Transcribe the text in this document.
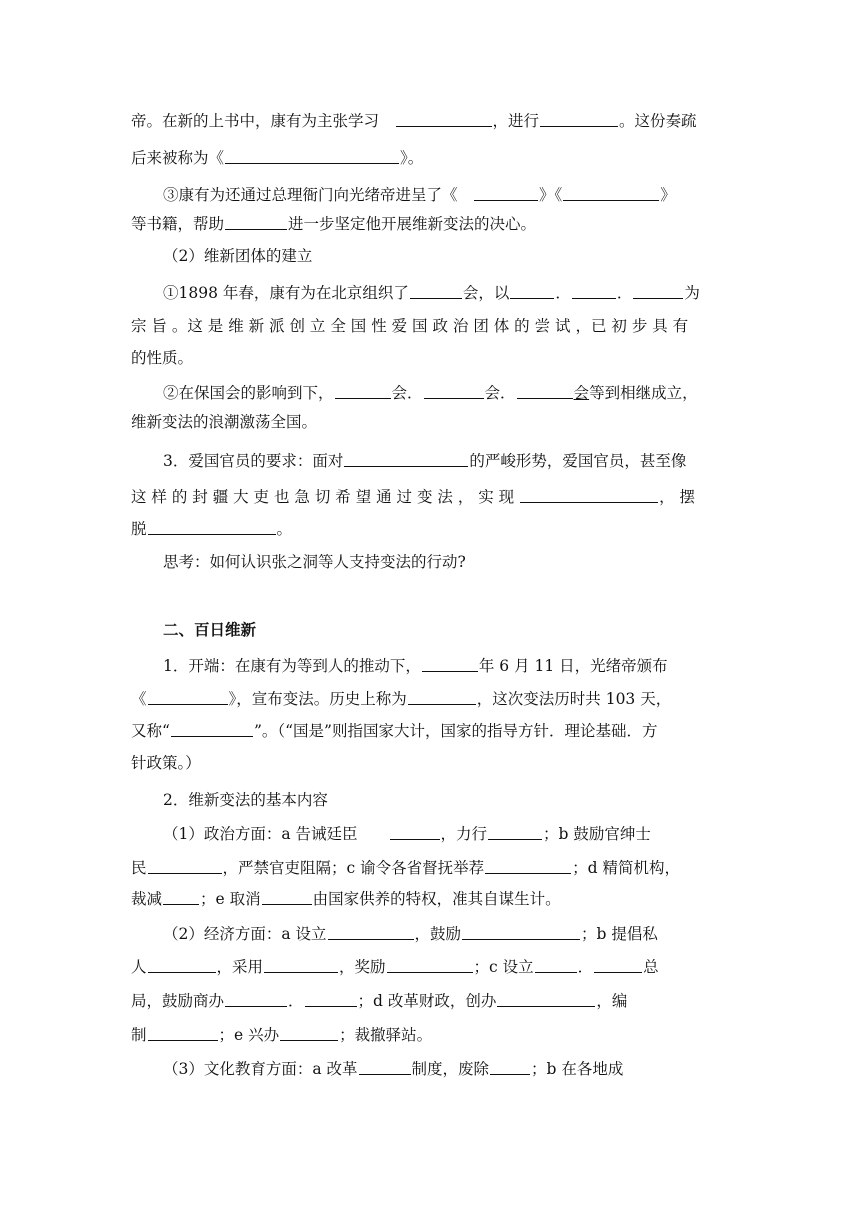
帝。在新的上书中，康有为主张学习　	，进行	。这份奏疏
后来被称为《	》。
③康有为还通过总理衙门向光绪帝进呈了《　	》《	》
等书籍，帮助	进一步坚定他开展维新变法的决心。
（2）维新团体的建立
①1898 年春，康有为在北京组织了	会，以	．	．	为
宗 旨 。这 是 维 新 派 创 立 全 国 性 爱 国 政 治 团 体 的 尝 试 ，已 初 步 具 有
的性质。
②在保国会的影响到下，	会．	会．	会等到相继成立，
维新变法的浪潮激荡全国。
3．爱国官员的要求：面对	的严峻形势，爱国官员，甚至像
这 样 的 封 疆 大 吏 也 急 切 希 望 通 过 变 法 ， 实 现	， 摆
脱	。
思考：如何认识张之洞等人支持变法的行动?
二、百日维新
1．开端：在康有为等到人的推动下，	年 6 月 11 日，光绪帝颁布
《	》，宣布变法。历史上称为	，这次变法历时共 103 天，
又称“	”。（“国是”则指国家大计，国家的指导方针．理论基础．方
针政策。）
2．维新变法的基本内容
（1）政治方面：a 告诫廷臣　　	，力行	；b 鼓励官绅士
民	，严禁官吏阻隔；c 谕令各省督抚举荐	；d 精简机构，
裁减 ；e 取消	由国家供养的特权，准其自谋生计。
（2）经济方面：a 设立	，鼓励	；b 提倡私
人	，采用	，奖励	；c 设立	．	总
局，鼓励商办	．	；d 改革财政，创办	，编
制	；e 兴办	；裁撤驿站。
（3）文化教育方面：a 改革	制度，废除	；b 在各地成
